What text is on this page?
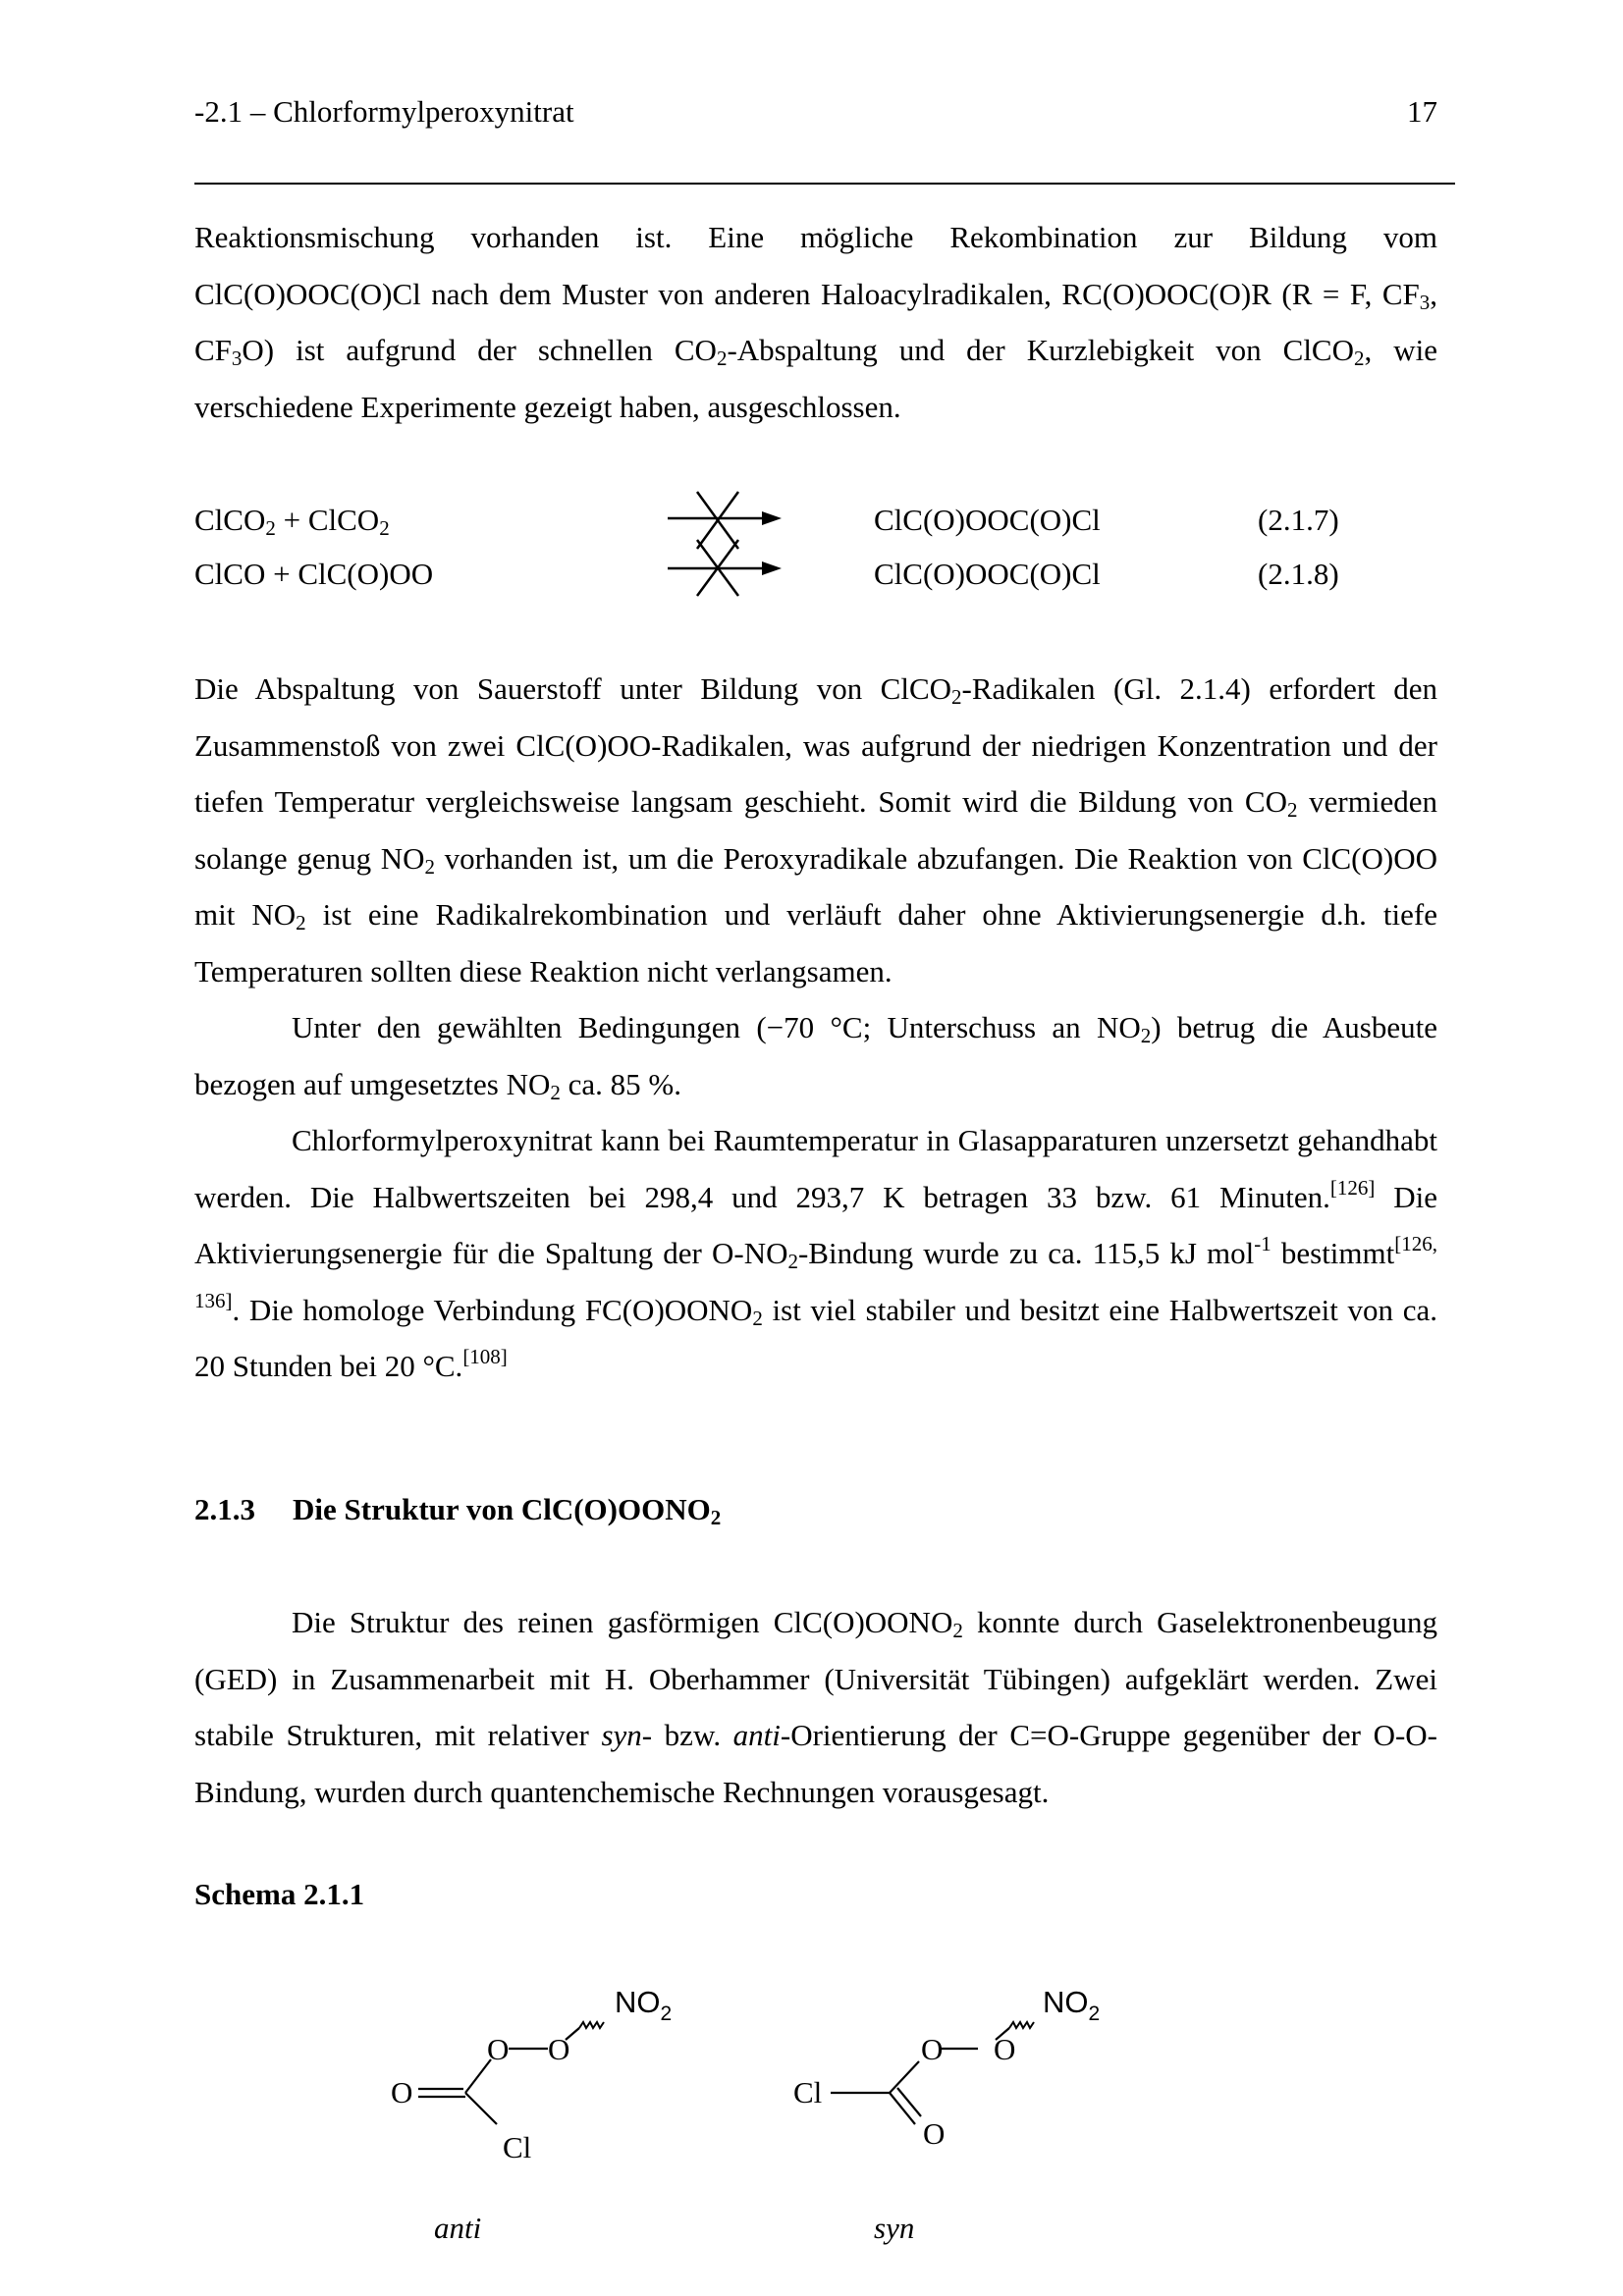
-2.1 – Chlorformylperoxynitrat	17

Reaktionsmischung vorhanden ist. Eine mögliche Rekombination zur Bildung vom ClC(O)OOC(O)Cl nach dem Muster von anderen Haloacylradikalen, RC(O)OOC(O)R (R = F, $CF_3$, $CF_3O$) ist aufgrund der schnellen $CO_2$-Abspaltung und der Kurzlebigkeit von ClCO$_2$, wie verschiedene Experimente gezeigt haben, ausgeschlossen.

ClCO$_2$ + ClCO$_2$	ClC(O)OOC(O)Cl	(2.1.7)
ClCO + ClC(O)OO	ClC(O)OOC(O)Cl	(2.1.8)

Die Abspaltung von Sauerstoff unter Bildung von ClCO$_2$-Radikalen (Gl. 2.1.4) erfordert den Zusammenstoß von zwei ClC(O)OO-Radikalen, was aufgrund der niedrigen Konzentration und der tiefen Temperatur vergleichsweise langsam geschieht. Somit wird die Bildung von $CO_2$ vermieden solange genug $NO_2$ vorhanden ist, um die Peroxyradikale abzufangen. Die Reaktion von ClC(O)OO mit $NO_2$ ist eine Radikalrekombination und verläuft daher ohne Aktivierungsenergie d.h. tiefe Temperaturen sollten diese Reaktion nicht verlangsamen.

Unter den gewählten Bedingungen (−70 °C; Unterschuss an $NO_2$) betrug die Ausbeute bezogen auf umgesetztes $NO_2$ ca. 85 %.

Chlorformylperoxynitrat kann bei Raumtemperatur in Glasapparaturen unzersetzt gehandhabt werden. Die Halbwertszeiten bei 298,4 und 293,7 K betragen 33 bzw. 61 Minuten.[126] Die Aktivierungsenergie für die Spaltung der $O-NO_2$-Bindung wurde zu ca. 115,5 kJ mol$^{-1}$ bestimmt[126, 136]. Die homologe Verbindung $FC(O)OONO_2$ ist viel stabiler und besitzt eine Halbwertszeit von ca. 20 Stunden bei 20 °C.[108]

2.1.3 Die Struktur von $ClC(O)OONO_2$

Die Struktur des reinen gasförmigen $ClC(O)OONO_2$ konnte durch Gaselektronenbeugung (GED) in Zusammenarbeit mit H. Oberhammer (Universität Tübingen) aufgeklärt werden. Zwei stabile Strukturen, mit relativer syn- bzw. anti-Orientierung der C=O-Gruppe gegenüber der O-O-Bindung, wurden durch quantenchemische Rechnungen vorausgesagt.

Schema 2.1.1
O
O O
Cl
$NO_2$
Cl
O O
O
$NO_2$
anti	syn
